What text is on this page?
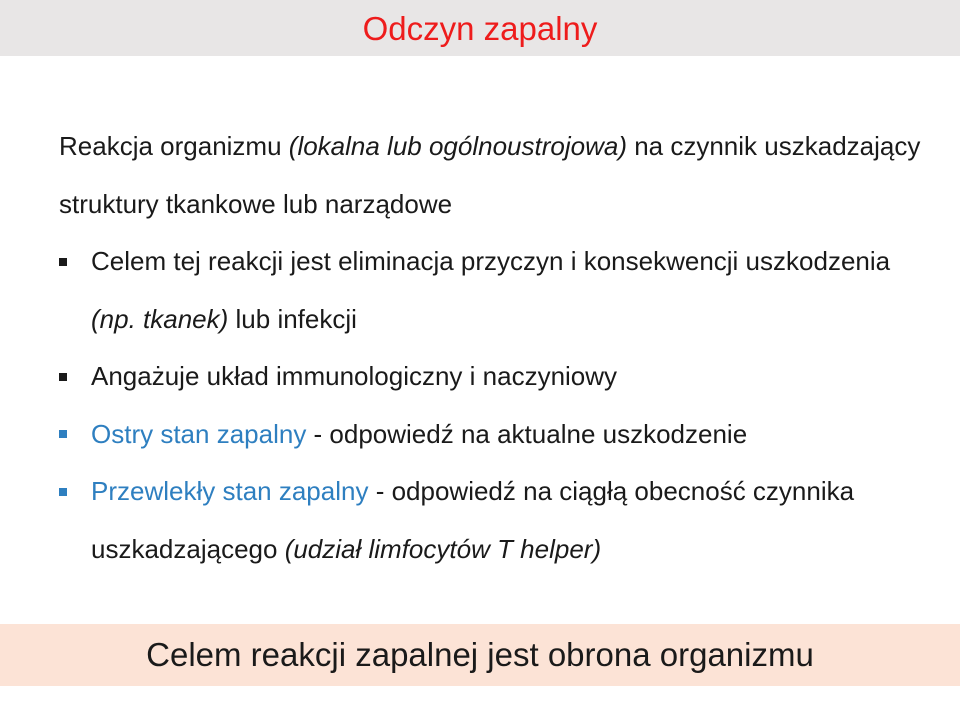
Odczyn zapalny

Reakcja organizmu (lokalna lub ogólnoustrojowa) na czynnik uszkadzający struktury tkankowe lub narządowe

Celem tej reakcji jest eliminacja przyczyn i konsekwencji uszkodzenia (np. tkanek) lub infekcji

Angażuje układ immunologiczny i naczyniowy

Ostry stan zapalny - odpowiedź na aktualne uszkodzenie

Przewlekły stan zapalny - odpowiedź na ciągłą obecność czynnika uszkadzającego (udział limfocytów T helper)

Celem reakcji zapalnej jest obrona organizmu
